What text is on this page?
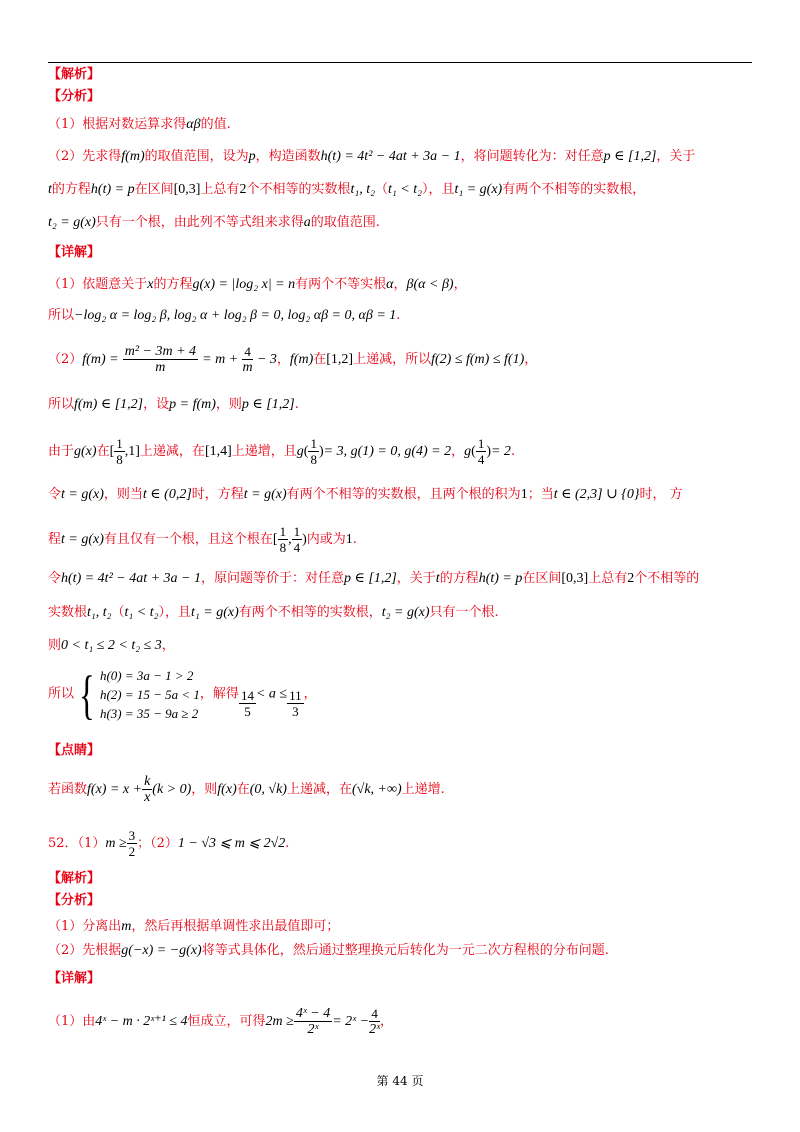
【解析】
【分析】
（1）根据对数运算求得αβ的值.
（2）先求得f(m)的取值范围，设为p，构造函数h(t) = 4t² − 4at + 3a − 1，将问题转化为：对任意p ∈ [1,2]，关于
t的方程h(t) = p在区间[0,3]上总有2个不相等的实数根t₁, t₂（t₁ < t₂），且t₁ = g(x)有两个不相等的实数根，
t₂ = g(x)只有一个根，由此列不等式组来求得a的取值范围.
【详解】
（1）依题意关于x的方程g(x) = |log₂ x| = n有两个不等实根α，β(α < β)，
所以−log₂ α = log₂ β, log₂ α + log₂ β = 0, log₂ αβ = 0, αβ = 1.
$(2)f(m) = \frac{\text{m² − 3m + 4}}{m} = m + \frac{4}{m} - 3$，f(m)在[1,2]上递减，所以f(2) ≤ f(m) ≤ f(1)，
所以f(m) ∈ [1,2]，设p = f(m)，则p ∈ [1,2].
由于g(x)在[ $\frac{1}{8} ,1$]上递减，在[1,4]上递增，且$g( \frac{1}{8}$ )= 3, g(1) = 0, g(4) = 2，$g( \frac{1}{4}$ )= 2.
令t = g(x)，则当t ∈ (0,2]时，方程t = g(x)有两个不相等的实数根，且两个根的积为1；当t ∈ (2,3] ∪ {0}时， 方
程t = g(x)有且仅有一个根，且这个根在[ $\frac{1}{8}$ , $\frac{1}{4}$ )内或为1.
令h(t) = 4t² − 4at + 3a − 1，原问题等价于：对任意p ∈ [1,2]，关于t的方程h(t) = p在区间[0,3]上总有2个不相等的
实数根t₁, t₂（t₁ < t₂），且t₁ = g(x)有两个不相等的实数根，t₂ = g(x)只有一个根.
则0 < t₁ ≤ 2 < t₂ ≤ 3，
所以{ h(0) = 3a − 1 > 2
h(2) = 15 − 5a < 1
h(3) = 35 − 9a ≥ 2
，解得 $\frac{14}{5} < a \le \frac{11}{3}$ ，
【点睛】
若函数$f(x) = x + \frac{k}{x} (k > 0)$，则f(x)在(0, √k)上递减，在(√k, +∞)上递增.
52．$(1)m \ge \frac{3}{2}$ ；（2）1 − √3 ⩽ m ⩽ 2√2.
【解析】
【分析】
（1）分离出m，然后再根据单调性求出最值即可；
（2）先根据g(−x) = −g(x)将等式具体化，然后通过整理换元后转化为一元二次方程根的分布问题.
【详解】
（1）由4ˣ − m · 2ˣ⁺¹ ≤ 4恒成立，可得$2m \ge \frac{\text{4ˣ − 4}}{\text{2ˣ}}$ = 2ˣ − $\frac{4}{\text{2ˣ}}$ ，
第 44 页
